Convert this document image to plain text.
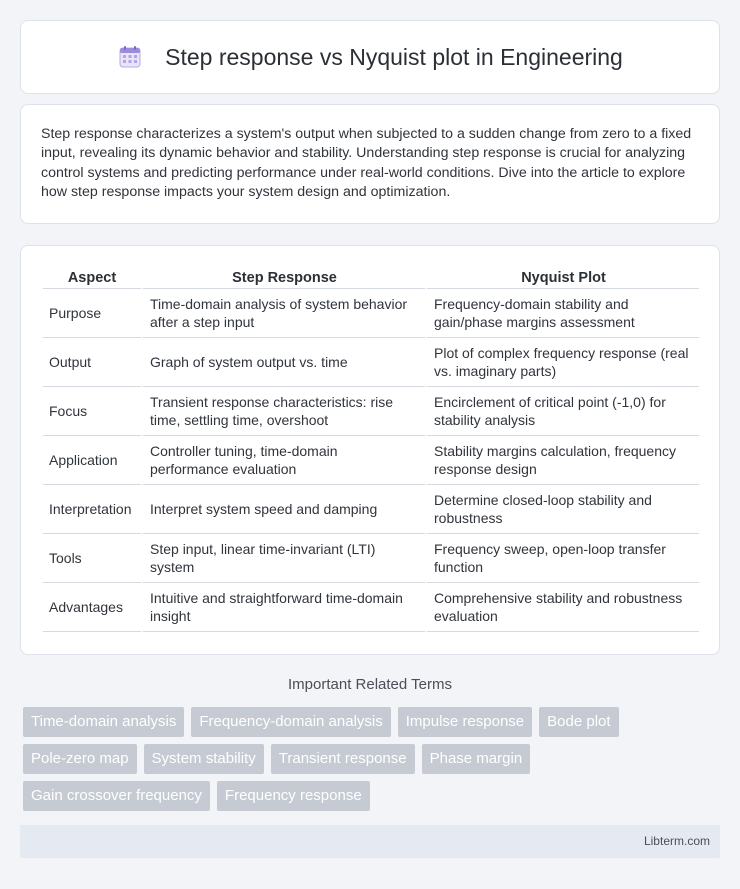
Step response vs Nyquist plot in Engineering

Step response characterizes a system's output when subjected to a sudden change from zero to a fixed input, revealing its dynamic behavior and stability. Understanding step response is crucial for analyzing control systems and predicting performance under real-world conditions. Dive into the article to explore how step response impacts your system design and optimization.

Aspect	Step Response	Nyquist Plot
Purpose	Time-domain analysis of system behavior after a step input	Frequency-domain stability and gain/phase margins assessment
Output	Graph of system output vs. time	Plot of complex frequency response (real vs. imaginary parts)
Focus	Transient response characteristics: rise time, settling time, overshoot	Encirclement of critical point (-1,0) for stability analysis
Application	Controller tuning, time-domain performance evaluation	Stability margins calculation, frequency response design
Interpretation	Interpret system speed and damping	Determine closed-loop stability and robustness
Tools	Step input, linear time-invariant (LTI) system	Frequency sweep, open-loop transfer function
Advantages	Intuitive and straightforward time-domain insight	Comprehensive stability and robustness evaluation
Important Related Terms
Time-domain analysis	Frequency-domain analysis	Impulse response	Bode plot
Pole-zero map	System stability	Transient response	Phase margin
Gain crossover frequency	Frequency response
Libterm.com
